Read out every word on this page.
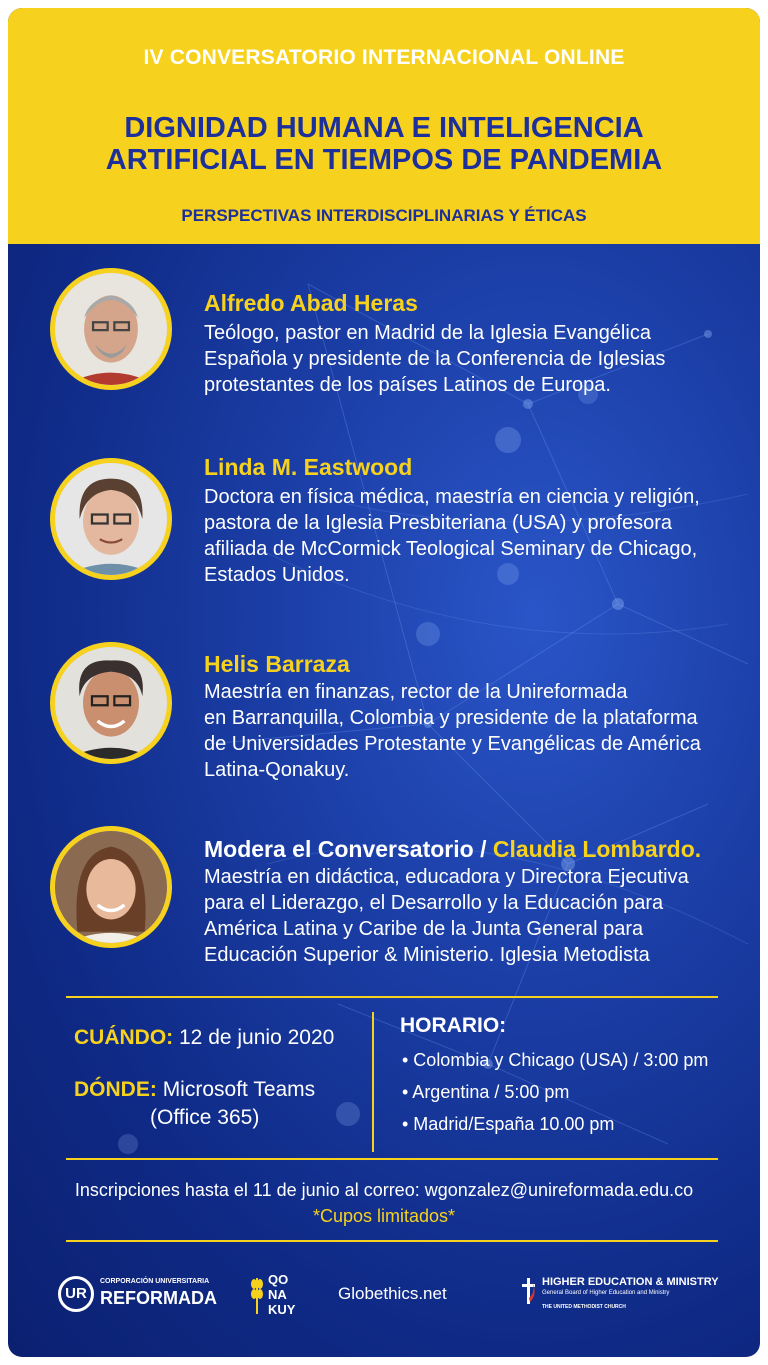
IV CONVERSATORIO INTERNACIONAL ONLINE
DIGNIDAD HUMANA E INTELIGENCIA
ARTIFICIAL EN TIEMPOS DE PANDEMIA
PERSPECTIVAS INTERDISCIPLINARIAS Y ÉTICAS
Alfredo Abad Heras
Teólogo, pastor en Madrid de la Iglesia Evangélica
Española y presidente de la Conferencia de Iglesias
protestantes de los países Latinos de Europa.
Linda M. Eastwood
Doctora en física médica, maestría en ciencia y religión,
pastora de la Iglesia Presbiteriana (USA) y profesora
afiliada de McCormick Teological Seminary de Chicago,
Estados Unidos.
Helis Barraza
Maestría en finanzas, rector de la Unireformada
en Barranquilla, Colombia y presidente de la plataforma
de Universidades Protestante y Evangélicas de América
Latina-Qonakuy.
Modera el Conversatorio / Claudia Lombardo.
Maestría en didáctica, educadora y Directora Ejecutiva
para el Liderazgo, el Desarrollo y la Educación para
América Latina y Caribe de la Junta General para
Educación Superior & Ministerio. Iglesia Metodista
CUÁNDO: 12 de junio 2020
DÓNDE: Microsoft Teams
(Office 365)
HORARIO:
• Colombia y Chicago (USA) / 3:00 pm
• Argentina / 5:00 pm
• Madrid/España 10.00 pm
Inscripciones hasta el 11 de junio al correo: wgonzalez@unireformada.edu.co
*Cupos limitados*
UR
CORPORACIÓN UNIVERSITARIA
REFORMADA
QO
NA
KUY
Globethics.net
HIGHER EDUCATION & MINISTRY
General Board of Higher Education and Ministry
THE UNITED METHODIST CHURCH
